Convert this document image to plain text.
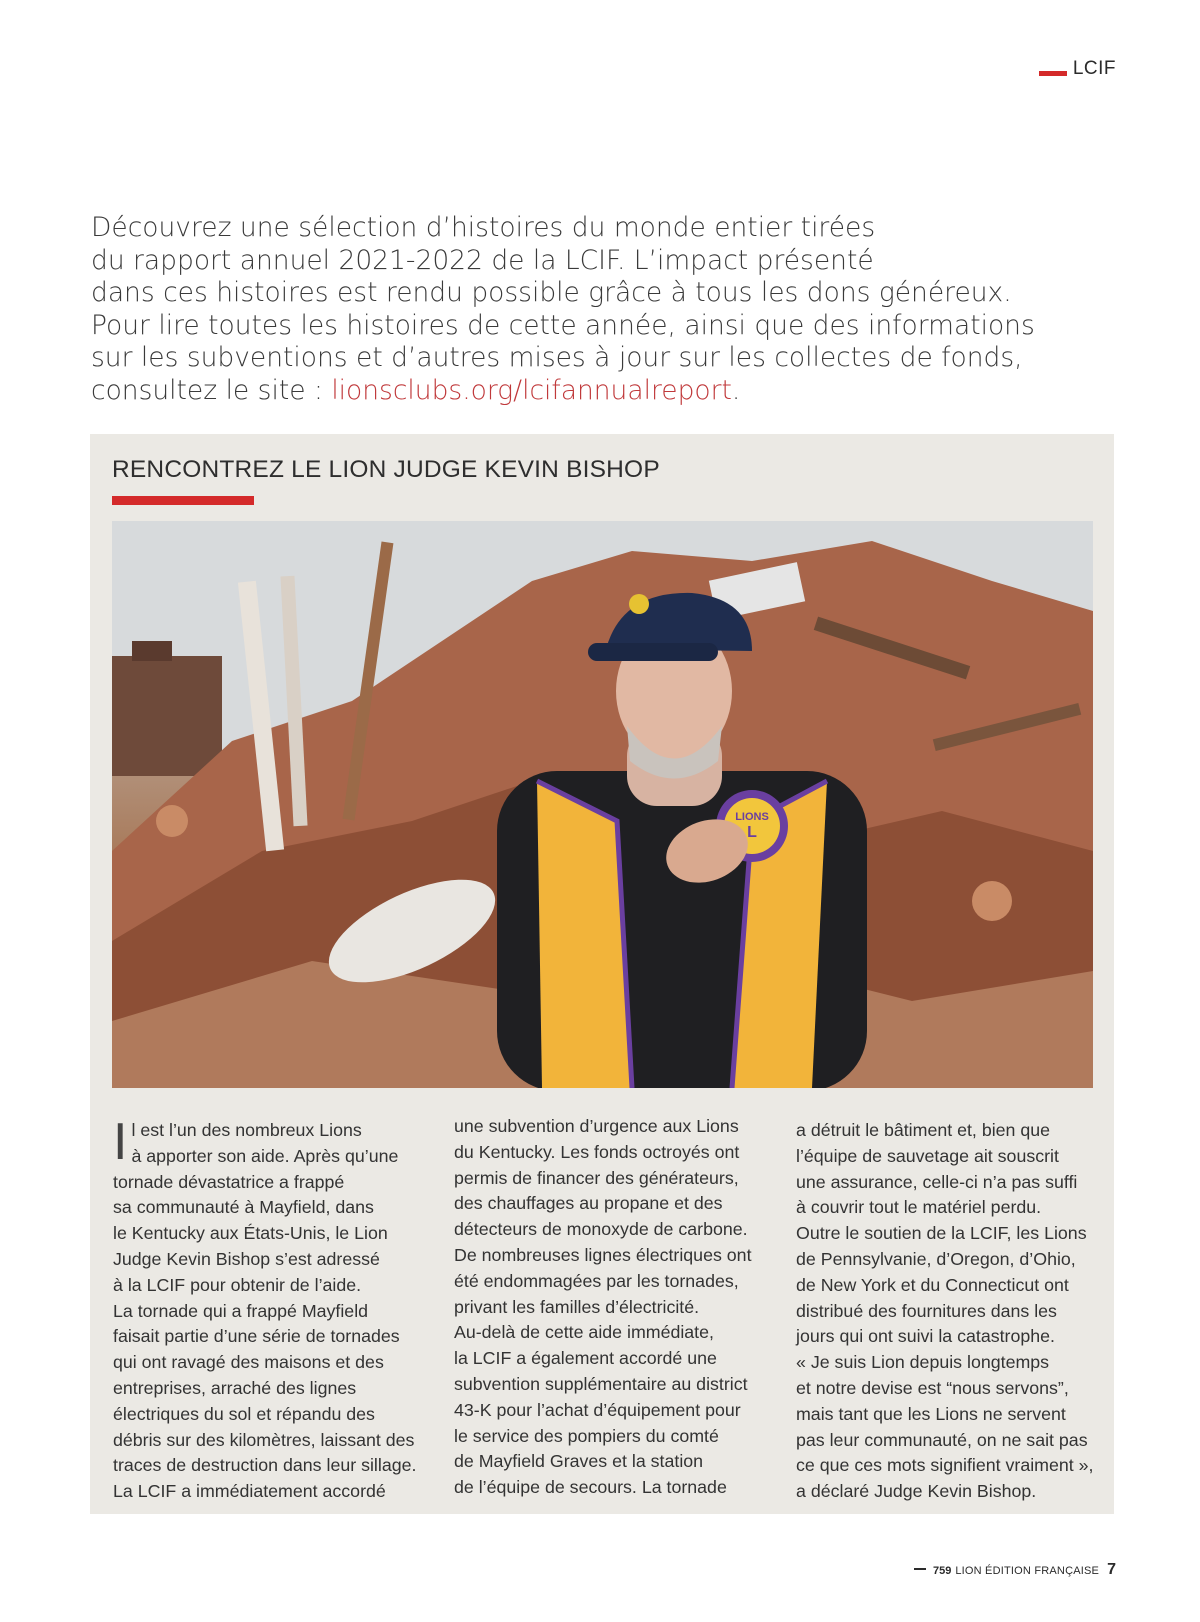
LCIF
Découvrez une sélection d’histoires du monde entier tirées
du rapport annuel 2021-2022 de la LCIF. L’impact présenté
dans ces histoires est rendu possible grâce à tous les dons généreux.
Pour lire toutes les histoires de cette année, ainsi que des informations
sur les subventions et d’autres mises à jour sur les collectes de fonds,
consultez le site : lionsclubs.org/lcifannualreport.
RENCONTREZ LE LION JUDGE KEVIN BISHOP
LIONS
L
I l est l’un des nombreux Lions
à apporter son aide. Après qu’une
tornade dévastatrice a frappé
sa communauté à Mayfield, dans
le Kentucky aux États-Unis, le Lion
Judge Kevin Bishop s’est adressé
à la LCIF pour obtenir de l’aide.
La tornade qui a frappé Mayfield
faisait partie d’une série de tornades
qui ont ravagé des maisons et des
entreprises, arraché des lignes
électriques du sol et répandu des
débris sur des kilomètres, laissant des
traces de destruction dans leur sillage.
La LCIF a immédiatement accordé
une subvention d’urgence aux Lions
du Kentucky. Les fonds octroyés ont
permis de financer des générateurs,
des chauffages au propane et des
détecteurs de monoxyde de carbone.
De nombreuses lignes électriques ont
été endommagées par les tornades,
privant les familles d’électricité.
Au-delà de cette aide immédiate,
la LCIF a également accordé une
subvention supplémentaire au district
43-K pour l’achat d’équipement pour
le service des pompiers du comté
de Mayfield Graves et la station
de l’équipe de secours. La tornade
a détruit le bâtiment et, bien que
l’équipe de sauvetage ait souscrit
une assurance, celle-ci n’a pas suffi
à couvrir tout le matériel perdu.
Outre le soutien de la LCIF, les Lions
de Pennsylvanie, d’Oregon, d’Ohio,
de New York et du Connecticut ont
distribué des fournitures dans les
jours qui ont suivi la catastrophe.
« Je suis Lion depuis longtemps
et notre devise est “nous servons”,
mais tant que les Lions ne servent
pas leur communauté, on ne sait pas
ce que ces mots signifient vraiment »,
a déclaré Judge Kevin Bishop.
759 LION ÉDITION FRANÇAISE 7
